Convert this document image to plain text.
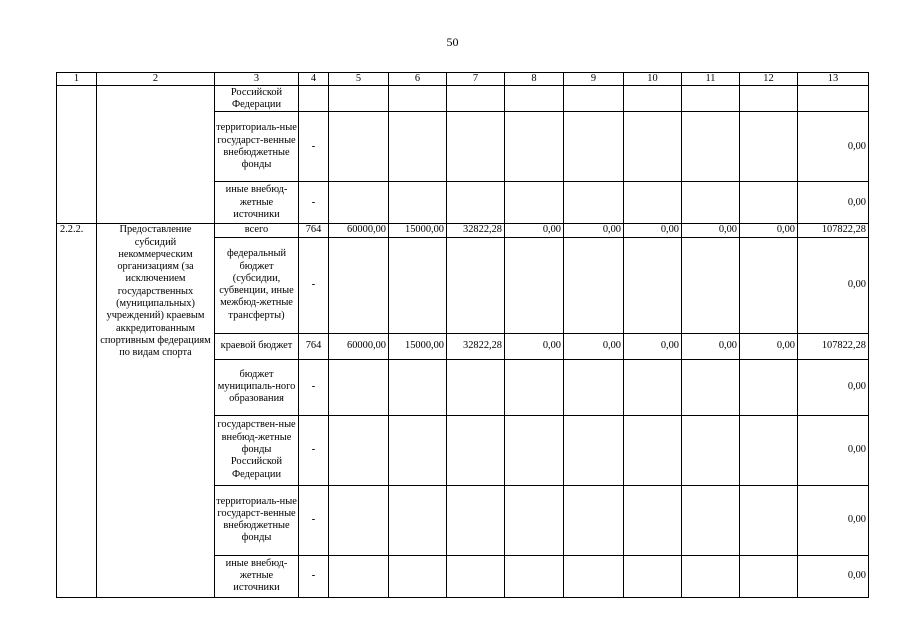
50
1	2	3	4	5	6	7	8	9	10	11	12	13
		Российской Федерации										
		территориаль-ные государст-венные внебюджетные фонды	-									0,00
		иные внебюд-жетные источники	-									0,00
2.2.2.	Предоставление субсидий некоммерческим организациям (за исключением государственных (муниципальных) учреждений) краевым аккредитованным спортивным федерациям по видам спорта	всего	764	60000,00	15000,00	32822,28	0,00	0,00	0,00	0,00	0,00	107822,28
		федеральный бюджет (субсидии, субвенции, иные межбюд-жетные трансферты)	-									0,00
		краевой бюджет	764	60000,00	15000,00	32822,28	0,00	0,00	0,00	0,00	0,00	107822,28
		бюджет муниципаль-ного образования	-									0,00
		государствен-ные внебюд-жетные фонды Российской Федерации	-									0,00
		территориаль-ные государст-венные внебюджетные фонды	-									0,00
		иные внебюд-жетные источники	-									0,00
